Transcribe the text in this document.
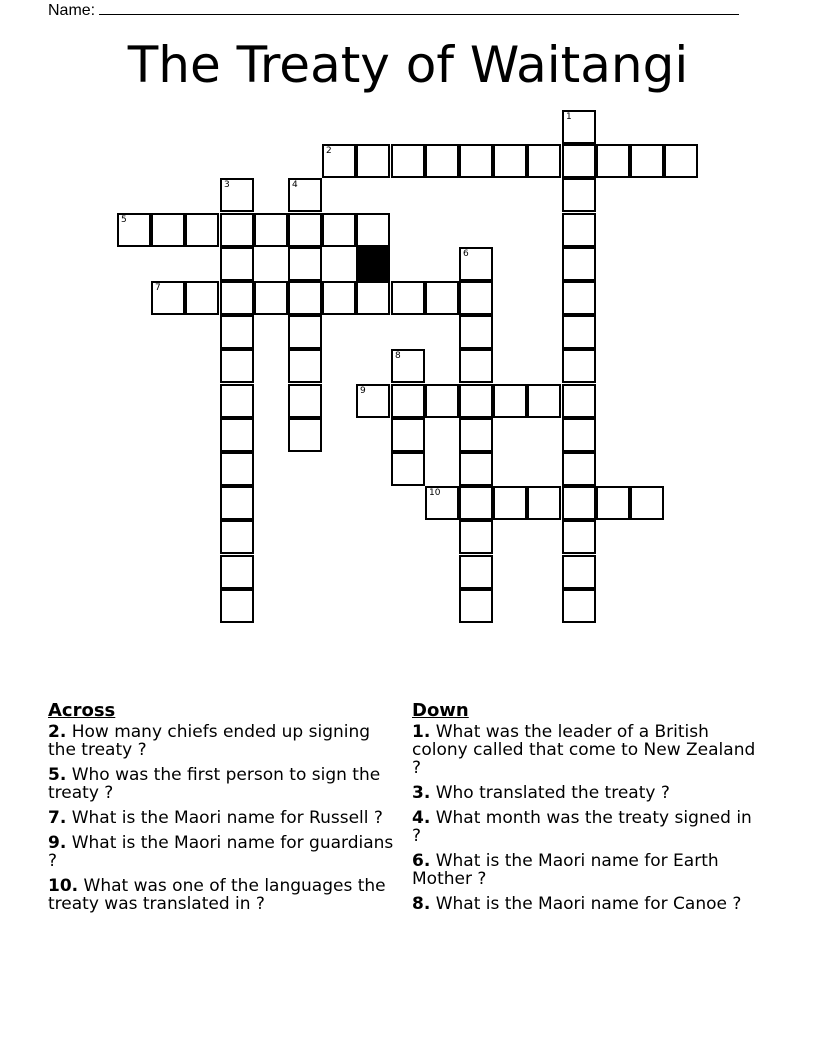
Name:
The Treaty of Waitangi
1
2
3	4
5
6
7
8
9
10
Across
2. How many chiefs ended up signing the treaty ?
5. Who was the first person to sign the treaty ?
7. What is the Maori name for Russell ?
9. What is the Maori name for guardians ?
10. What was one of the languages the treaty was translated in ?
Down
1. What was the leader of a British colony called that come to New Zealand ?
3. Who translated the treaty ?
4. What month was the treaty signed in ?
6. What is the Maori name for Earth Mother ?
8. What is the Maori name for Canoe ?
